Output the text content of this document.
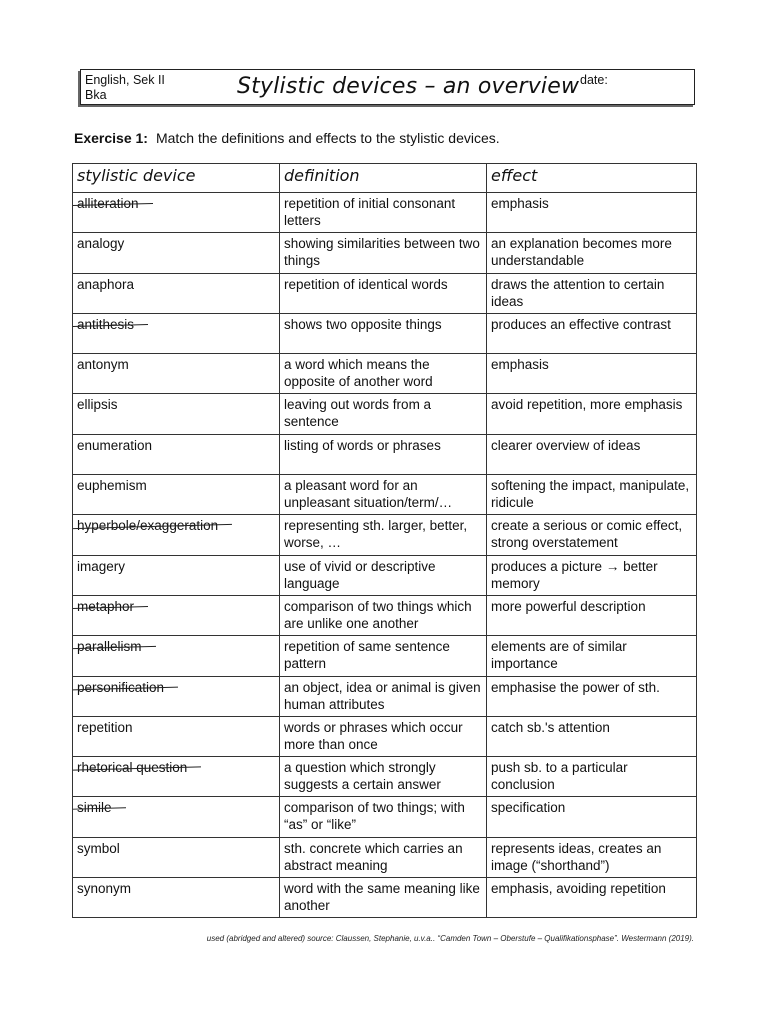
English, Sek II
Bka	Stylistic devices – an overview date:
Exercise 1: Match the definitions and effects to the stylistic devices.
stylistic device	definition	effect
alliteration	repetition of initial consonant letters	emphasis
analogy	showing similarities between two things	an explanation becomes more understandable
anaphora	repetition of identical words	draws the attention to certain ideas
antithesis	shows two opposite things	produces an effective contrast
antonym	a word which means the opposite of another word	emphasis
ellipsis	leaving out words from a sentence	avoid repetition, more emphasis
enumeration	listing of words or phrases	clearer overview of ideas
euphemism	a pleasant word for an unpleasant situation/term/…	softening the impact, manipulate, ridicule
hyperbole/exaggeration	representing sth. larger, better, worse, …	create a serious or comic effect, strong overstatement
imagery	use of vivid or descriptive language	produces a picture → better memory
metaphor	comparison of two things which are unlike one another	more powerful description
parallelism	repetition of same sentence pattern	elements are of similar importance
personification	an object, idea or animal is given human attributes	emphasise the power of sth.
repetition	words or phrases which occur more than once	catch sb.'s attention
rhetorical question	a question which strongly suggests a certain answer	push sb. to a particular conclusion
simile	comparison of two things; with “as” or “like”	specification
symbol	sth. concrete which carries an abstract meaning	represents ideas, creates an image (“shorthand”)
synonym	word with the same meaning like another	emphasis, avoiding repetition
used (abridged and altered) source: Claussen, Stephanie, u.v.a.. “Camden Town – Oberstufe – Qualifikationsphase”. Westermann (2019).
